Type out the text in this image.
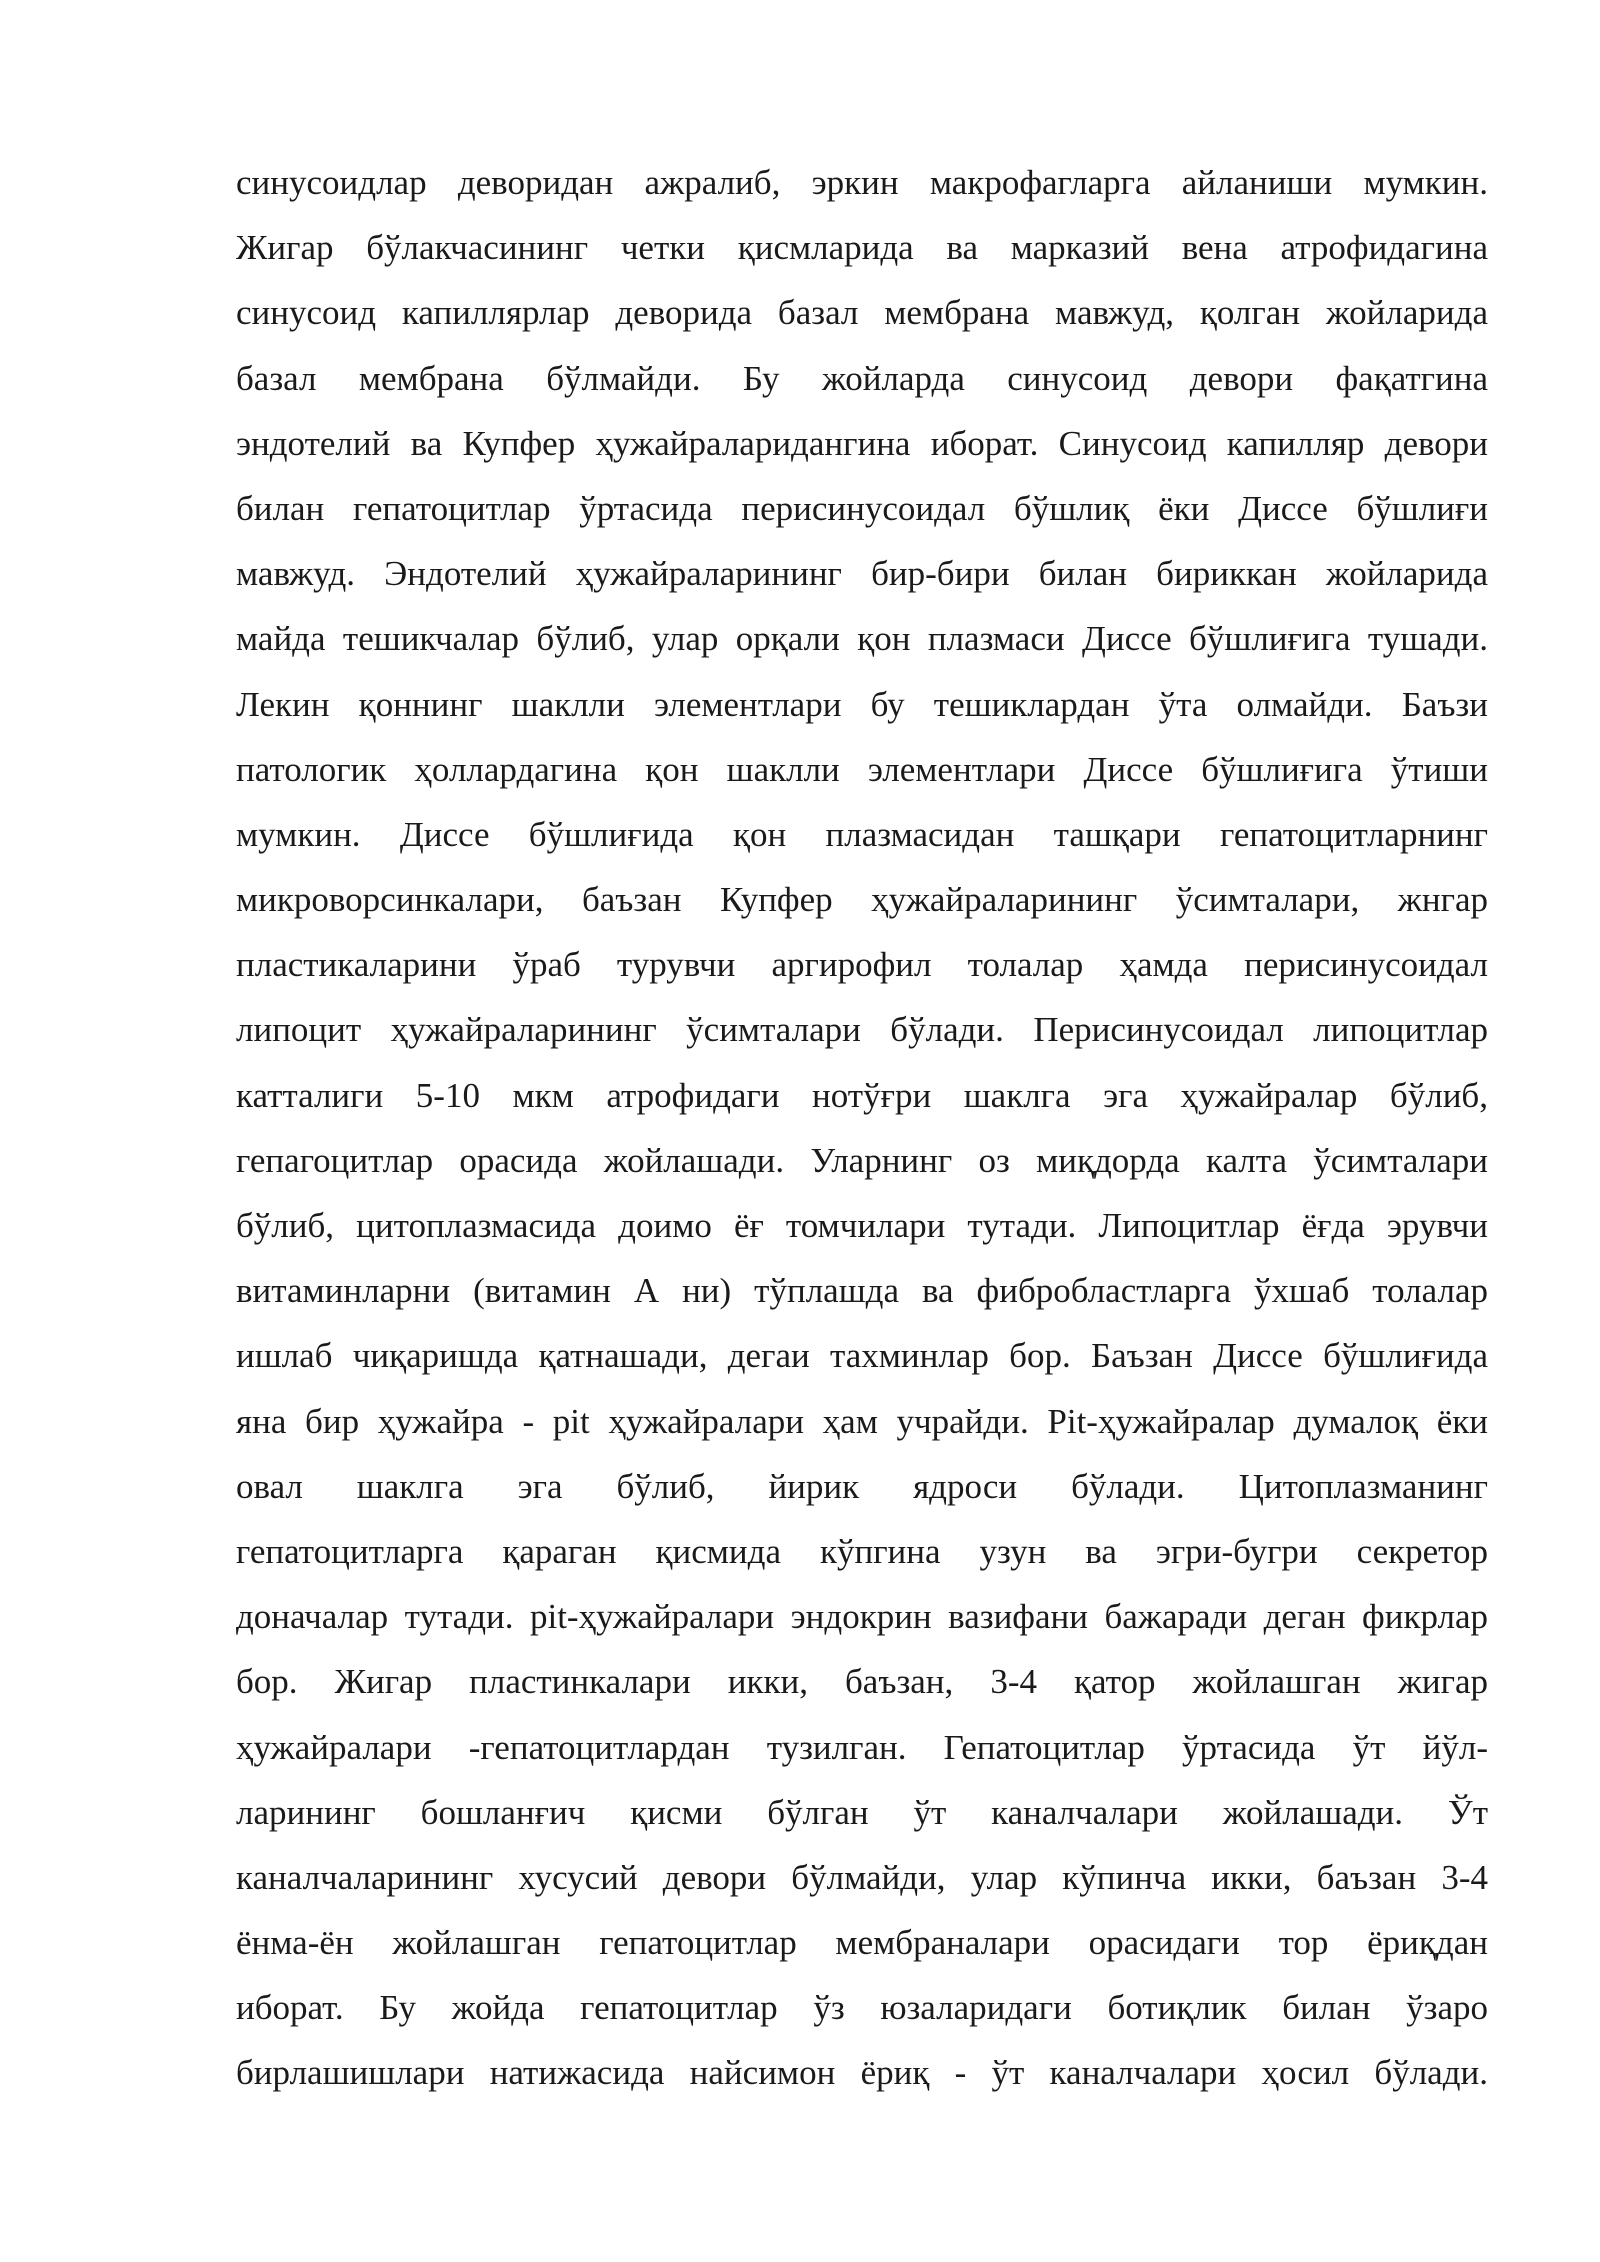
синусоидлар деворидан ажралиб, эркин макрофагларга айланиши мумкин.
Жигар бўлакчасининг четки қисмларида ва марказий вена атрофидагина
синусоид капиллярлар деворида базал мембрана мавжуд, қолган жойларида
базал мембрана бўлмайди. Бу жойларда синусоид девори фақатгина
эндотелий ва Купфер ҳужайраларидангина иборат. Синусоид капилляр девори
билан гепатоцитлар ўртасида перисинусоидал бўшлиқ ёки Диссе бўшлиғи
мавжуд. Эндотелий ҳужайраларининг бир-бири билан бириккан жойларида
майда тешикчалар бўлиб, улар орқали қон плазмаси Диссе бўшлиғига тушади.
Лекин қоннинг шаклли элементлари бу тешиклардан ўта олмайди. Баъзи
патологик ҳоллардагина қон шаклли элементлари Диссе бўшлиғига ўтиши
мумкин. Диссе бўшлиғида қон плазмасидан ташқари гепатоцитларнинг
микроворсинкалари, баъзан Купфер ҳужайраларининг ўсимталари, жнгар
пластикаларини ўраб турувчи аргирофил толалар ҳамда перисинусоидал
липоцит ҳужайраларининг ўсимталари бўлади. Перисинусоидал липоцитлар
катталиги 5-10 мкм атрофидаги нотўғри шаклга эга ҳужайралар бўлиб,
гепагоцитлар орасида жойлашади. Уларнинг оз миқдорда калта ўсимталари
бўлиб, цитоплазмасида доимо ёғ томчилари тутади. Липоцитлар ёғда эрувчи
витаминларни (витамин А ни) тўплашда ва фибробластларга ўхшаб толалар
ишлаб чиқаришда қатнашади, дегаи тахминлар бор. Баъзан Диссе бўшлиғида
яна бир ҳужайра - pit ҳужайралари ҳам учрайди. Pit-ҳужайралар думалоқ ёки
овал шаклга эга бўлиб, йирик ядроси бўлади. Цитоплазманинг
гепатоцитларга қараган қисмида кўпгина узун ва эгри-бугри секретор
доначалар тутади. pit-ҳужайралари эндокрин вазифани бажаради деган фикрлар
бор. Жигар пластинкалари икки, баъзан, 3-4 қатор жойлашган жигар
ҳужайралари -гепатоцитлардан тузилган. Гепатоцитлар ўртасида ўт йўл-
ларининг бошланғич қисми бўлган ўт каналчалари жойлашади. Ўт
каналчаларининг хусусий девори бўлмайди, улар кўпинча икки, баъзан 3-4
ёнма-ён жойлашган гепатоцитлар мембраналари орасидаги тор ёриқдан
иборат. Бу жойда гепатоцитлар ўз юзаларидаги ботиқлик билан ўзаро
бирлашишлари натижасида найсимон ёриқ - ўт каналчалари ҳосил бўлади.
